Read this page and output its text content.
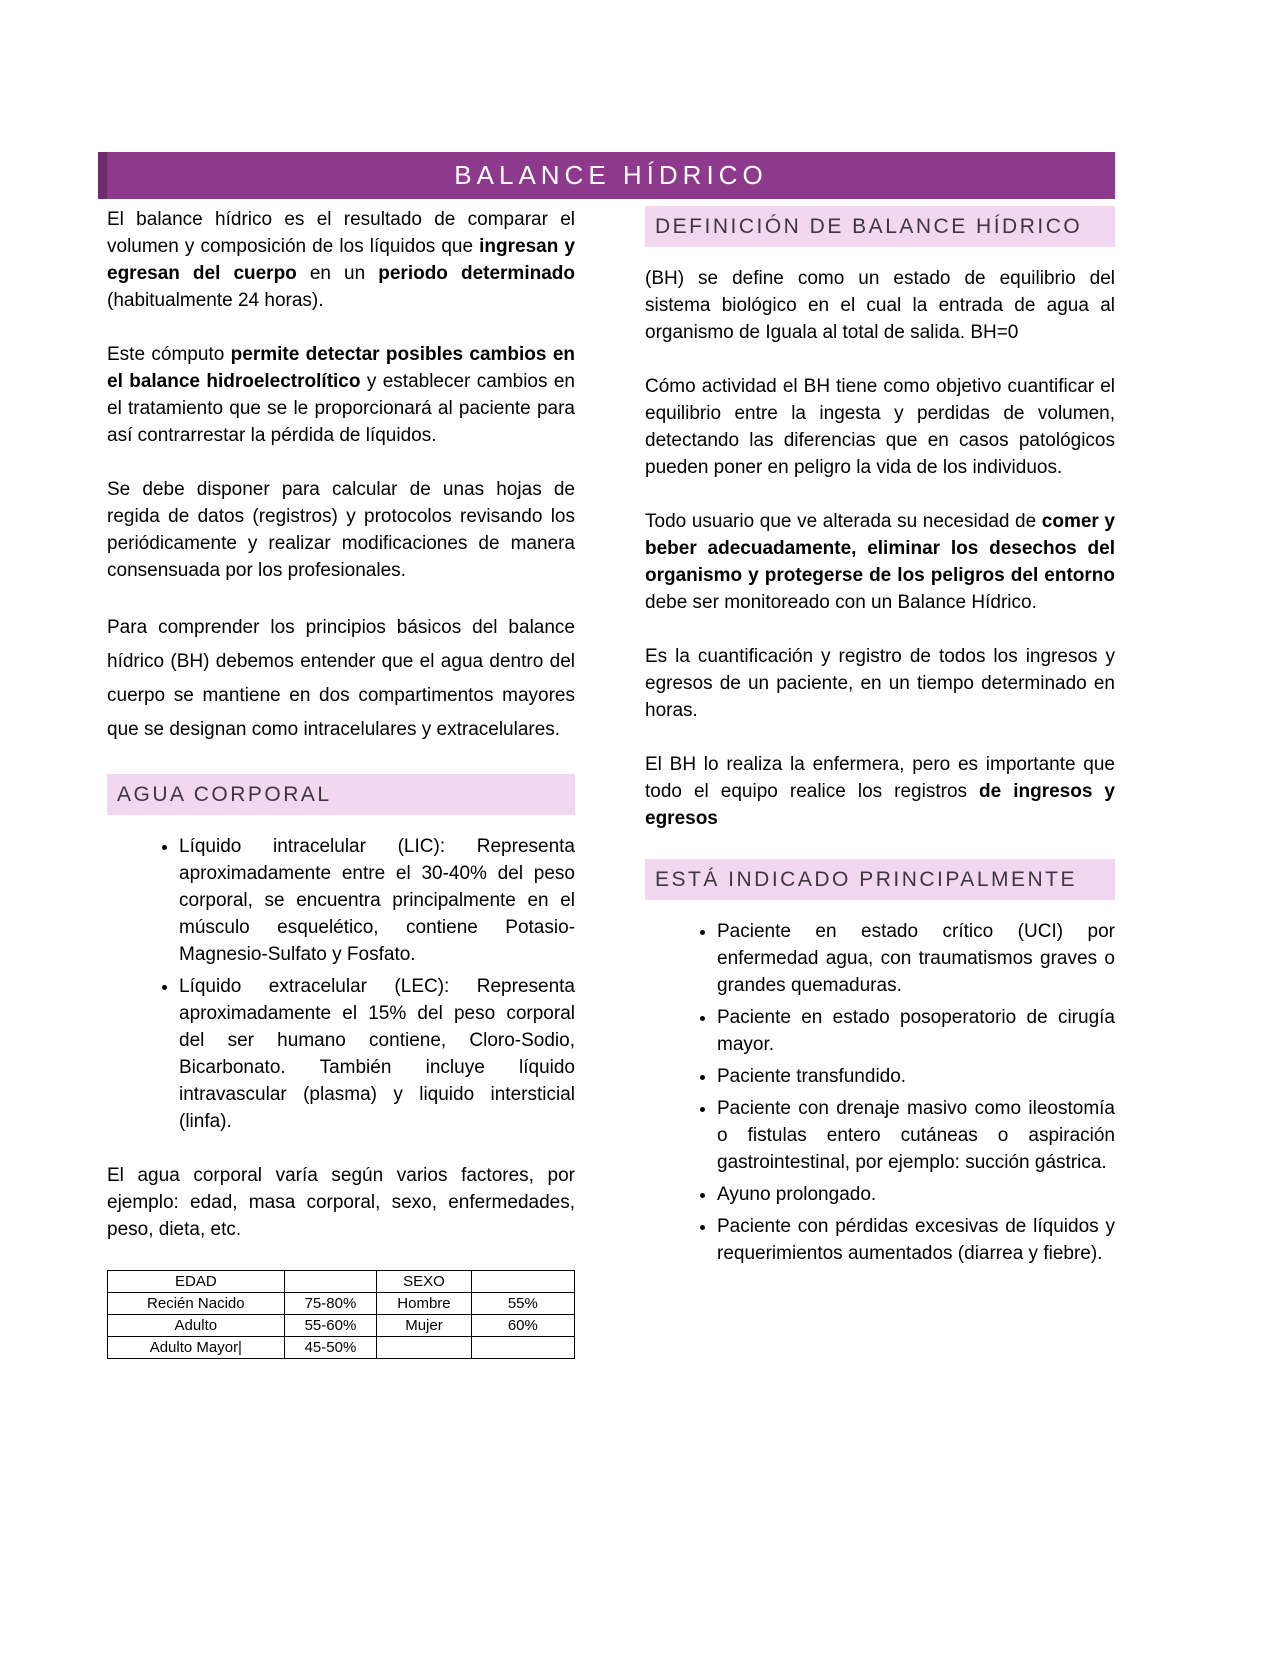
BALANCE HÍDRICO

El balance hídrico es el resultado de comparar el volumen y composición de los líquidos que ingresan y egresan del cuerpo en un periodo determinado (habitualmente 24 horas).

Este cómputo permite detectar posibles cambios en el balance hidroelectrolítico y establecer cambios en el tratamiento que se le proporcionará al paciente para así contrarrestar la pérdida de líquidos.

Se debe disponer para calcular de unas hojas de regida de datos (registros) y protocolos revisando los periódicamente y realizar modificaciones de manera consensuada por los profesionales.

Para comprender los principios básicos del balance hídrico (BH) debemos entender que el agua dentro del cuerpo se mantiene en dos compartimentos mayores que se designan como intracelulares y extracelulares.

AGUA CORPORAL
• Líquido intracelular (LIC): Representa aproximadamente entre el 30-40% del peso corporal, se encuentra principalmente en el músculo esquelético, contiene Potasio-Magnesio-Sulfato y Fosfato.
• Líquido extracelular (LEC): Representa aproximadamente el 15% del peso corporal del ser humano contiene, Cloro-Sodio, Bicarbonato. También incluye líquido intravascular (plasma) y liquido intersticial (linfa).

El agua corporal varía según varios factores, por ejemplo: edad, masa corporal, sexo, enfermedades, peso, dieta, etc.

EDAD		SEXO	
Recién Nacido	75-80%	Hombre	55%
Adulto	55-60%	Mujer	60%
Adulto Mayor|	45-50%		
DEFINICIÓN DE BALANCE HÍDRICO

(BH) se define como un estado de equilibrio del sistema biológico en el cual la entrada de agua al organismo de Iguala al total de salida. BH=0

Cómo actividad el BH tiene como objetivo cuantificar el equilibrio entre la ingesta y perdidas de volumen, detectando las diferencias que en casos patológicos pueden poner en peligro la vida de los individuos.

Todo usuario que ve alterada su necesidad de comer y beber adecuadamente, eliminar los desechos del organismo y protegerse de los peligros del entorno debe ser monitoreado con un Balance Hídrico.

Es la cuantificación y registro de todos los ingresos y egresos de un paciente, en un tiempo determinado en horas.

El BH lo realiza la enfermera, pero es importante que todo el equipo realice los registros de ingresos y egresos

ESTÁ INDICADO PRINCIPALMENTE
• Paciente en estado crítico (UCI) por enfermedad agua, con traumatismos graves o grandes quemaduras.
• Paciente en estado posoperatorio de cirugía mayor.
• Paciente transfundido.
• Paciente con drenaje masivo como ileostomía o fistulas entero cutáneas o aspiración gastrointestinal, por ejemplo: succión gástrica.
• Ayuno prolongado.
• Paciente con pérdidas excesivas de líquidos y requerimientos aumentados (diarrea y fiebre).
